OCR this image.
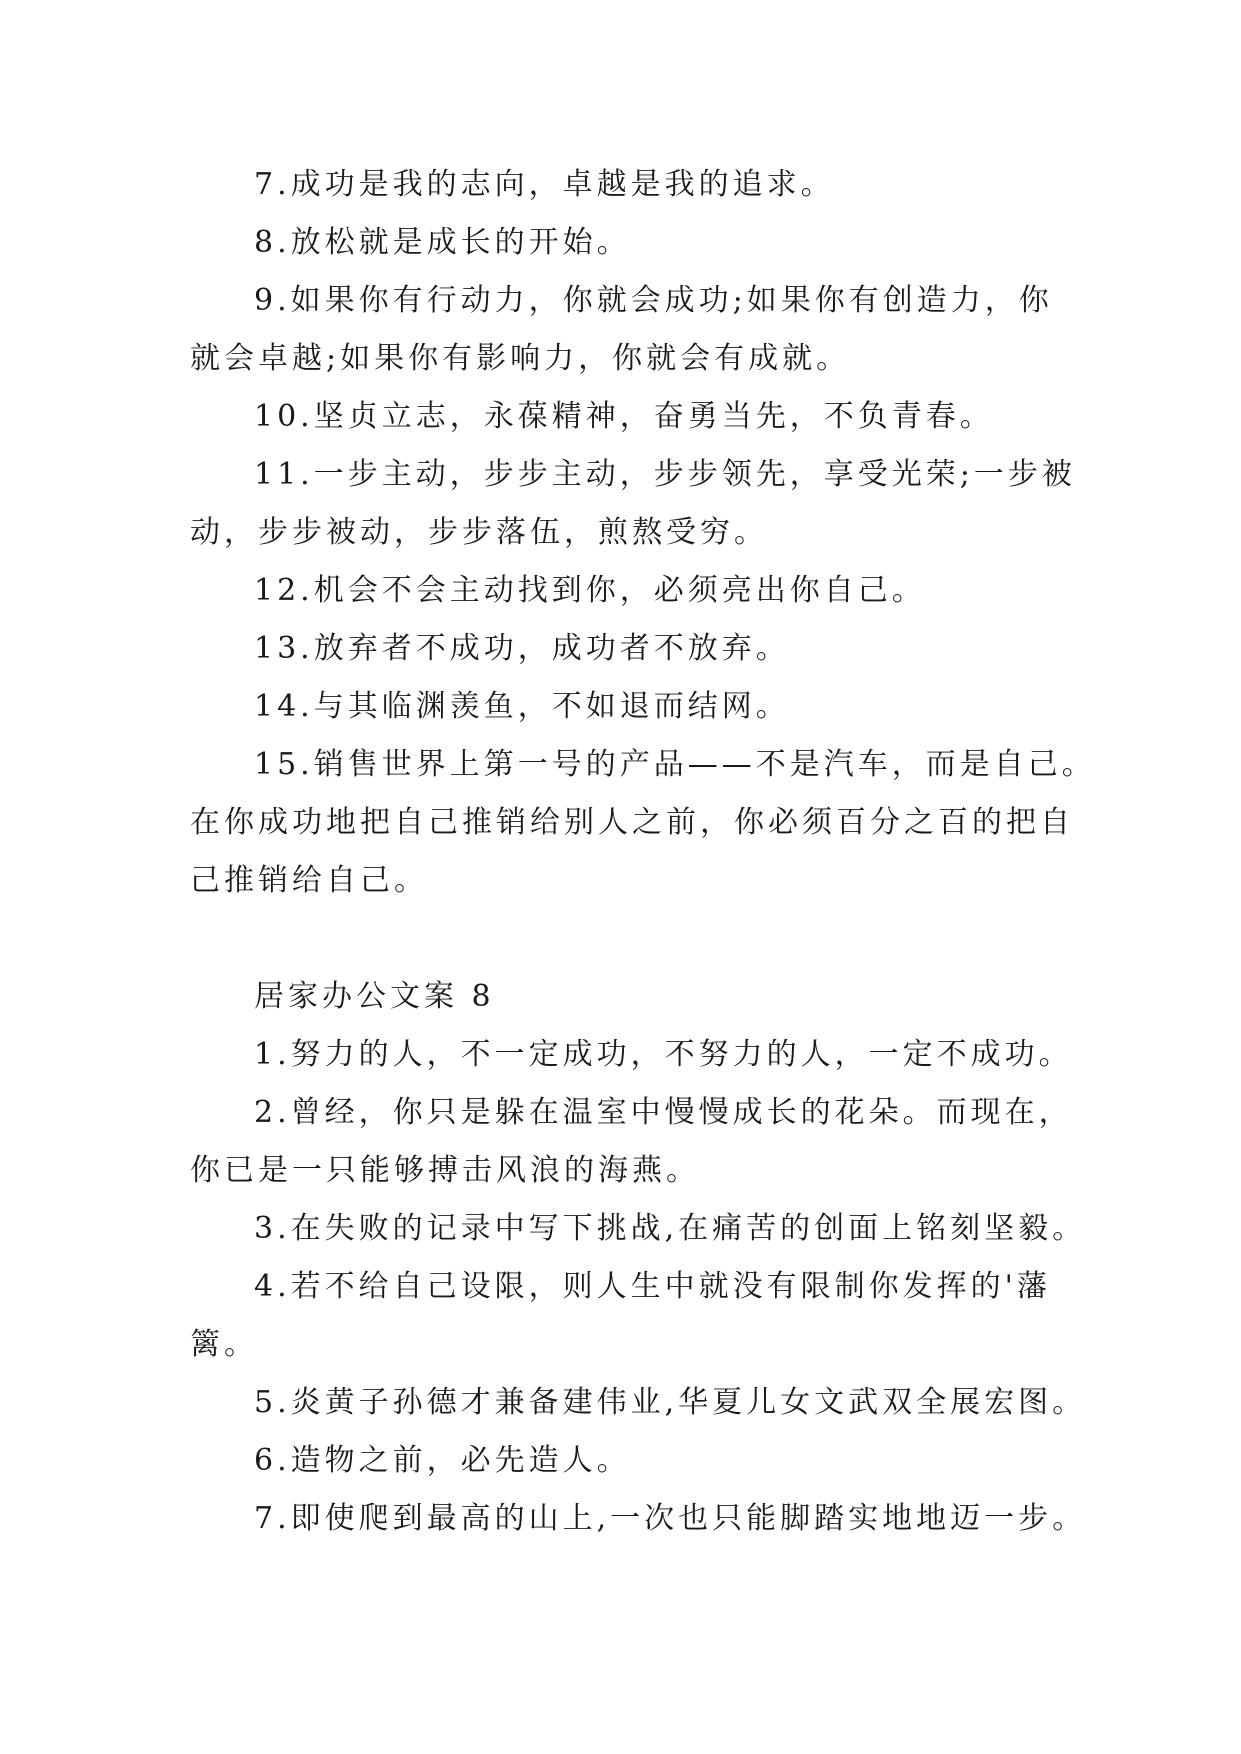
7.成功是我的志向，卓越是我的追求。
8.放松就是成长的开始。
9.如果你有行动力，你就会成功;如果你有创造力，你
就会卓越;如果你有影响力，你就会有成就。
10.坚贞立志，永葆精神，奋勇当先，不负青春。
11.一步主动，步步主动，步步领先，享受光荣;一步被
动，步步被动，步步落伍，煎熬受穷。
12.机会不会主动找到你，必须亮出你自己。
13.放弃者不成功，成功者不放弃。
14.与其临渊羡鱼，不如退而结网。
15.销售世界上第一号的产品——不是汽车，而是自己。
在你成功地把自己推销给别人之前，你必须百分之百的把自
己推销给自己。
居家办公文案 8
1.努力的人，不一定成功，不努力的人，一定不成功。
2.曾经，你只是躲在温室中慢慢成长的花朵。而现在，
你已是一只能够搏击风浪的海燕。
3.在失败的记录中写下挑战,在痛苦的创面上铭刻坚毅。
4.若不给自己设限，则人生中就没有限制你发挥的'藩
篱。
5.炎黄子孙德才兼备建伟业,华夏儿女文武双全展宏图。
6.造物之前，必先造人。
7.即使爬到最高的山上,一次也只能脚踏实地地迈一步。
